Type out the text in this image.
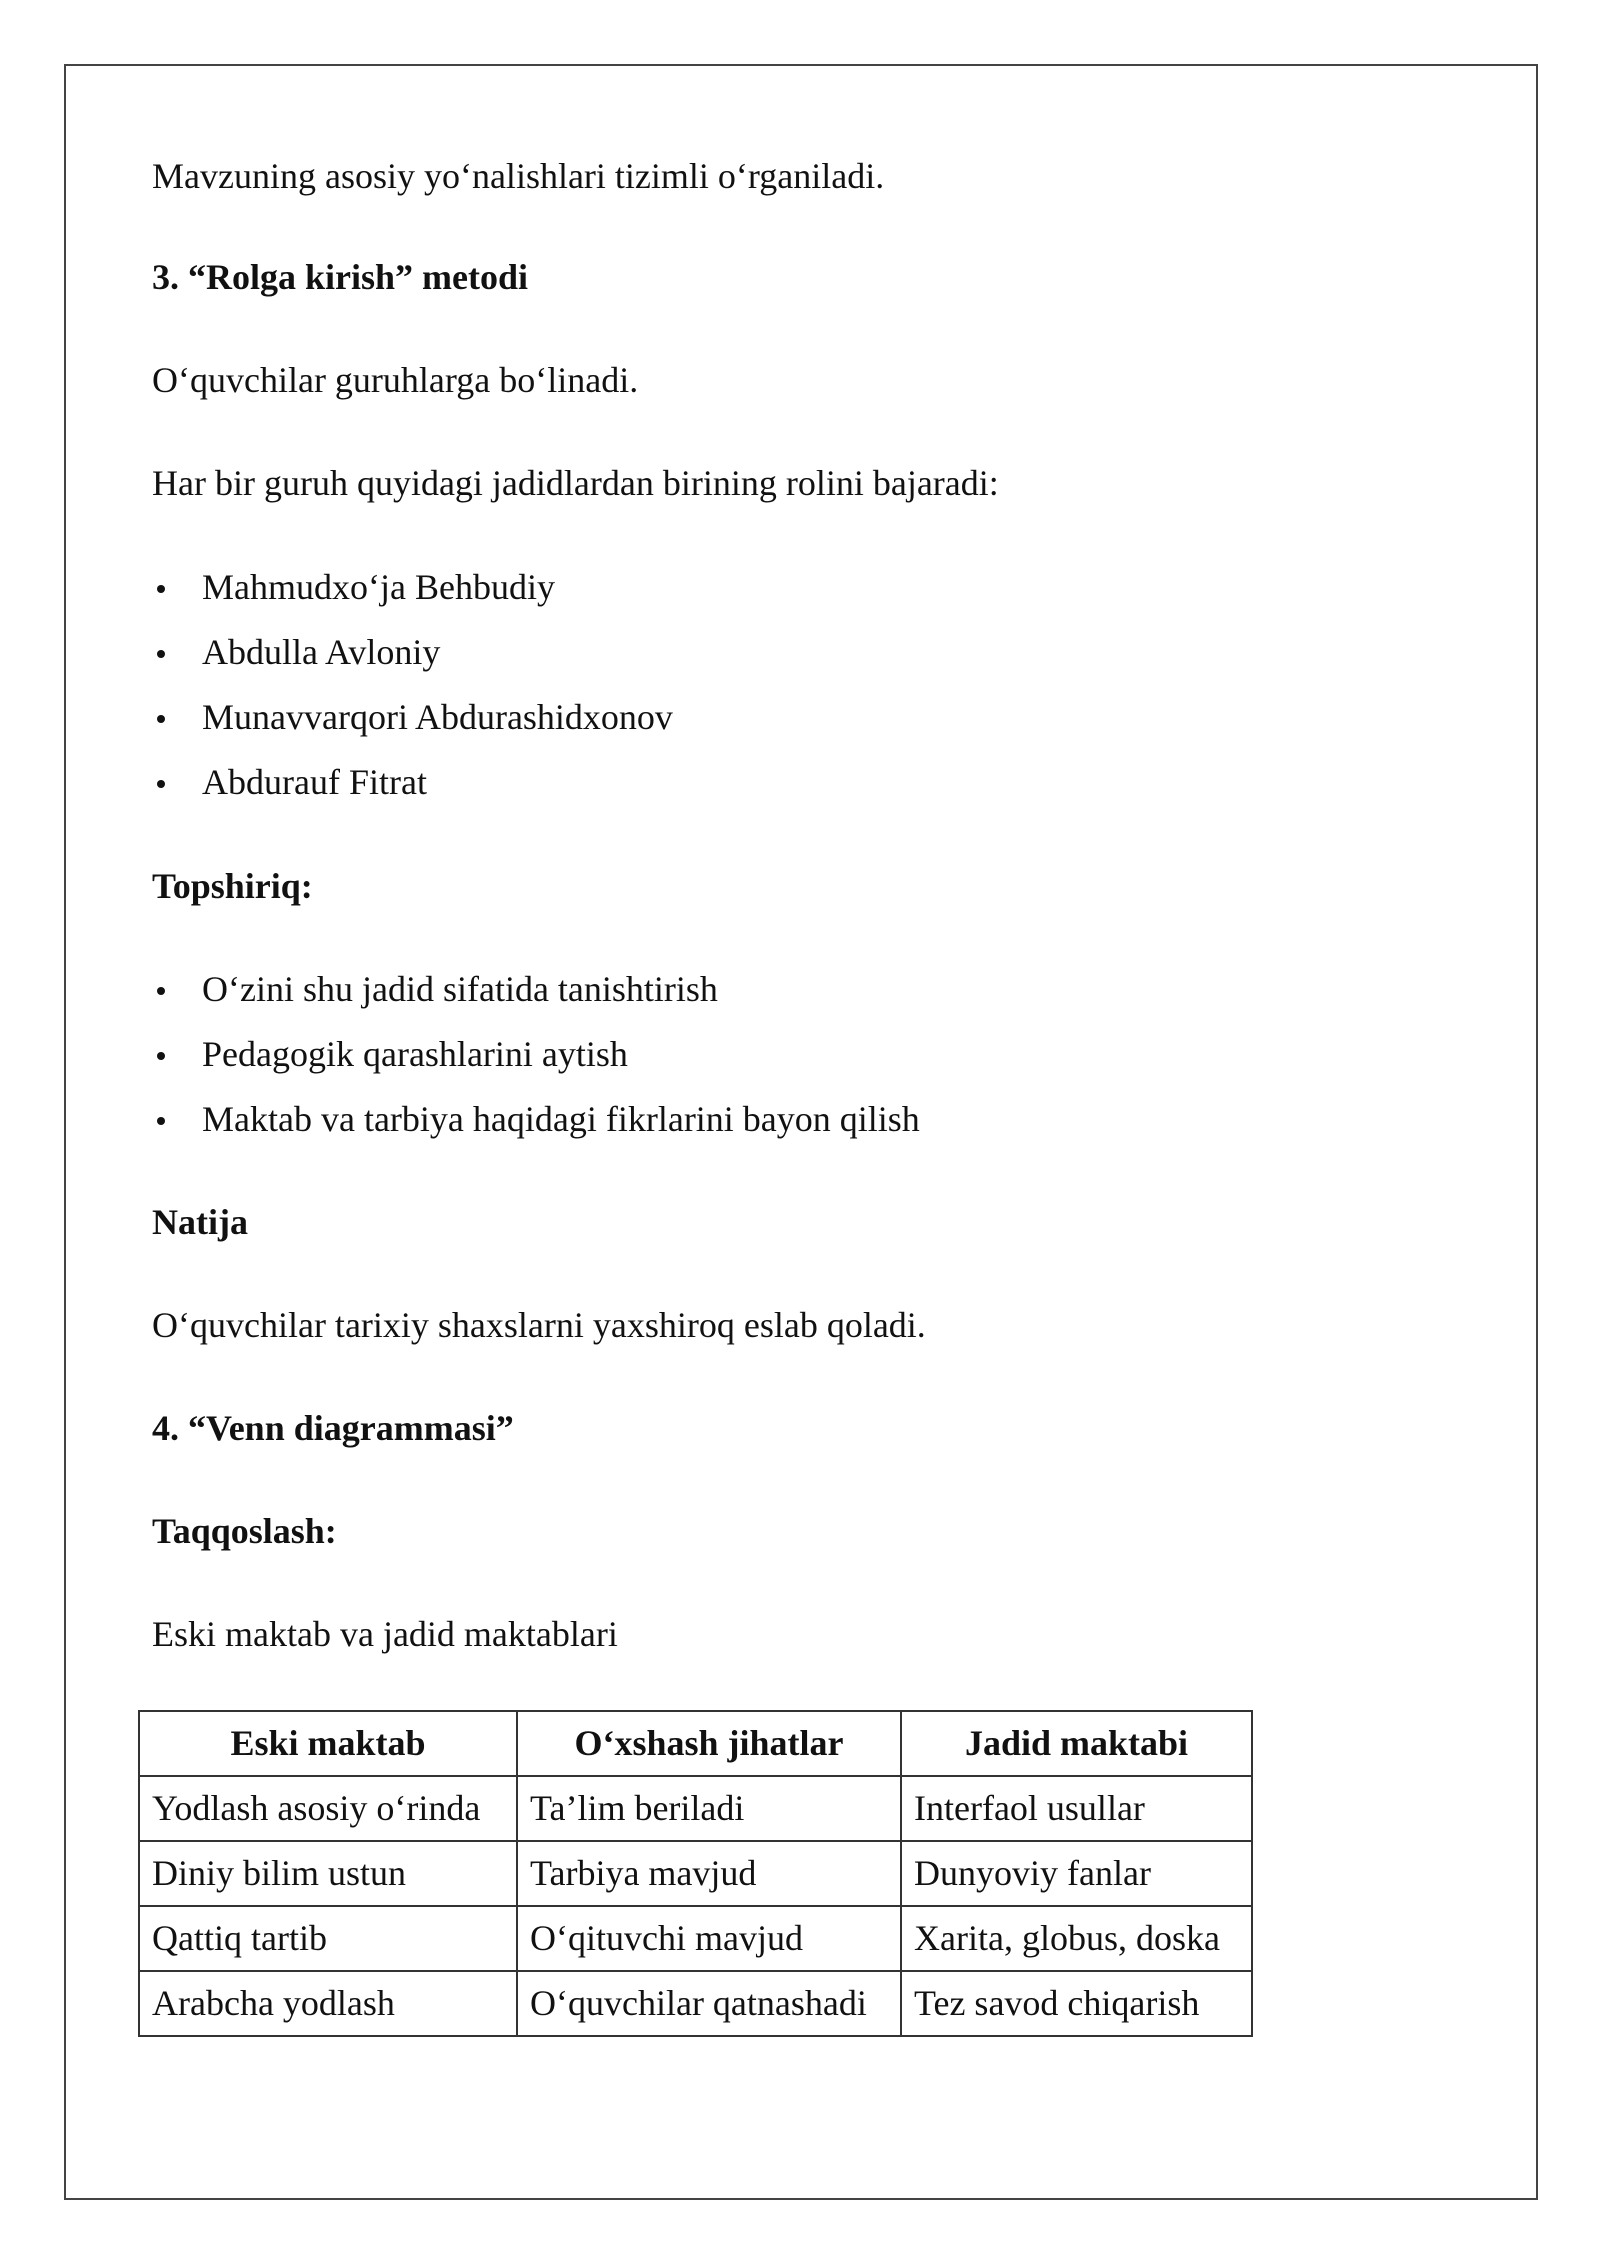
Mavzuning asosiy yo‘nalishlari tizimli o‘rganiladi.
3. “Rolga kirish” metodi
O‘quvchilar guruhlarga bo‘linadi.
Har bir guruh quyidagi jadidlardan birining rolini bajaradi:
Mahmudxo‘ja Behbudiy
Abdulla Avloniy
Munavvarqori Abdurashidxonov
Abdurauf Fitrat
Topshiriq:
O‘zini shu jadid sifatida tanishtirish
Pedagogik qarashlarini aytish
Maktab va tarbiya haqidagi fikrlarini bayon qilish
Natija
O‘quvchilar tarixiy shaxslarni yaxshiroq eslab qoladi.
4. “Venn diagrammasi”
Taqqoslash:
Eski maktab va jadid maktablari
Eski maktab	O‘xshash jihatlar	Jadid maktabi
Yodlash asosiy o‘rinda	Ta’lim beriladi	Interfaol usullar
Diniy bilim ustun	Tarbiya mavjud	Dunyoviy fanlar
Qattiq tartib	O‘qituvchi mavjud	Xarita, globus, doska
Arabcha yodlash	O‘quvchilar qatnashadi	Tez savod chiqarish
